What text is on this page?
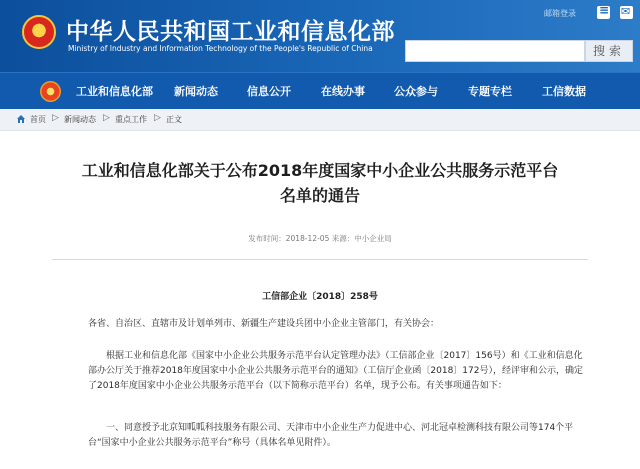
★ 中华人民共和国工业和信息化部
Ministry of Industry and Information Technology of the People's Republic of China
邮箱登录
≡
✉
搜索
工业和信息化部 新闻动态	信息公开	在线办事	公众参与	专题专栏	工信数据
首页 ▷ 新闻动态 ▷ 重点工作 ▷ 正文
工业和信息化部关于公布2018年度国家中小企业公共服务示范平台
名单的通告
发布时间：2018-12-05 来源：中小企业局
工信部企业〔2018〕258号
各省、自治区、直辖市及计划单列市、新疆生产建设兵团中小企业主管部门，有关协会：
根据工业和信息化部《国家中小企业公共服务示范平台认定管理办法》（工信部企业〔2017〕156号）和《工业和信息化部办公厅关于推荐2018年度国家中小企业公共服务示范平台的通知》（工信厅企业函〔2018〕172号），经评审和公示，确定了2018年度国家中小企业公共服务示范平台（以下简称示范平台）名单，现予公布。有关事项通告如下：
一、同意授予北京知呱呱科技服务有限公司、天津市中小企业生产力促进中心、河北冠卓检测科技有限公司等174个平台“国家中小企业公共服务示范平台”称号（具体名单见附件）。
